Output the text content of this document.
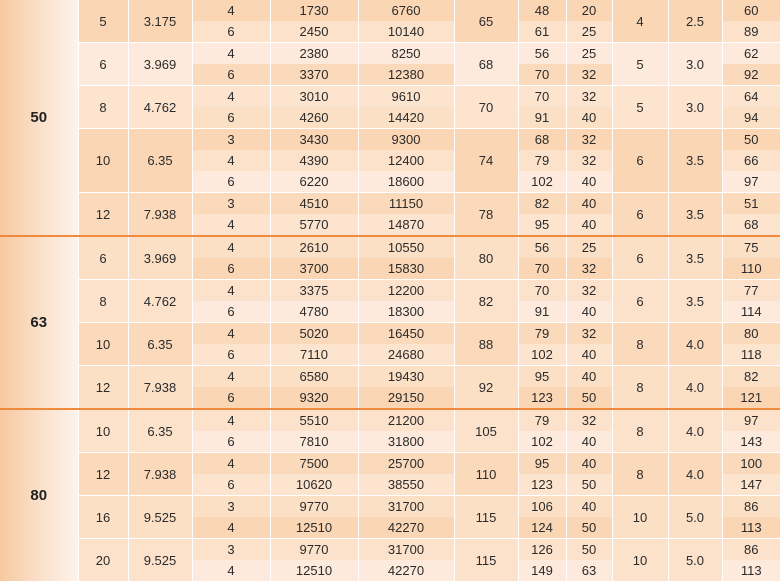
50	5	3.175	4	1730	6760	65	48	20	4	2.5	60
			6	2450	10140		61	25			89
	6	3.969	4	2380	8250	68	56	25	5	3.0	62
			6	3370	12380		70	32			92
	8	4.762	4	3010	9610	70	70	32	5	3.0	64
			6	4260	14420		91	40			94
	10	6.35	3	3430	9300	74	68	32	6	3.5	50
			4	4390	12400		79	32			66
			6	6220	18600		102	40			97
	12	7.938	3	4510	11150	78	82	40	6	3.5	51
			4	5770	14870		95	40			68
63	6	3.969	4	2610	10550	80	56	25	6	3.5	75
			6	3700	15830		70	32			110
	8	4.762	4	3375	12200	82	70	32	6	3.5	77
			6	4780	18300		91	40			114
	10	6.35	4	5020	16450	88	79	32	8	4.0	80
			6	7110	24680		102	40			118
	12	7.938	4	6580	19430	92	95	40	8	4.0	82
			6	9320	29150		123	50			121
80	10	6.35	4	5510	21200	105	79	32	8	4.0	97
			6	7810	31800		102	40			143
	12	7.938	4	7500	25700	110	95	40	8	4.0	100
			6	10620	38550		123	50			147
	16	9.525	3	9770	31700	115	106	40	10	5.0	86
			4	12510	42270		124	50			113
	20	9.525	3	9770	31700	115	126	50	10	5.0	86
			4	12510	42270		149	63			113
